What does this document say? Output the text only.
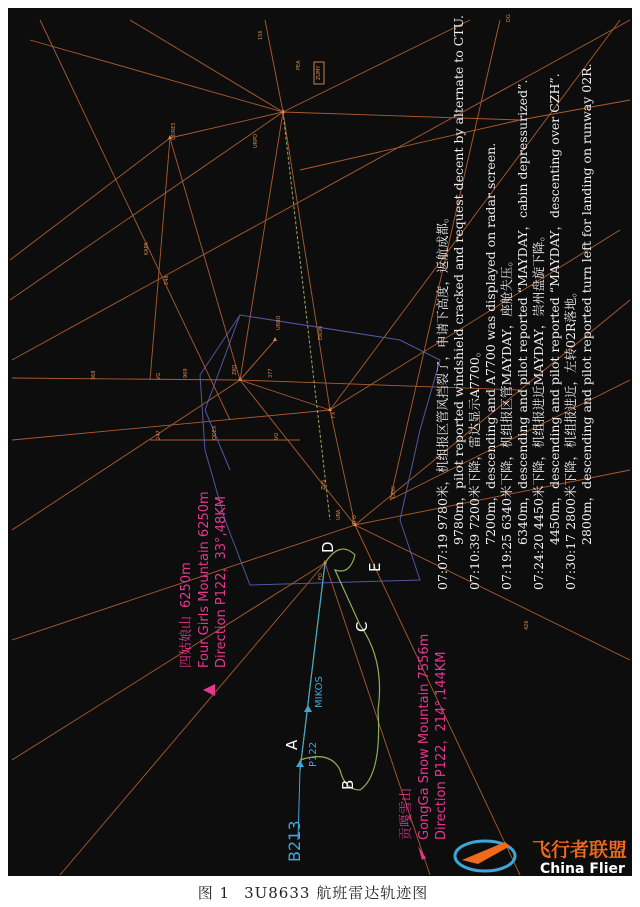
156
PEA
ZUMY
ODRES
URPO
KAPA
248
368	VG	969	ZKO	377
URBO
EKON
247	ODEX	VO
FX
ZUS
URA
TFO
DEKI
FO
426
DG
A
B
C
D
E
P122
MIKOS
B213
四姑娘山6250m Four Girls Mountain 6250m Direction P122，33°,48KM
贡嘎雪山 GongGa Snow Mountain 7556m Direction P122，214°,144KM
07:07:199780米，机组报区管风挡裂了，申请下高度，返航成都。 9780m，pilot reported windshield cracked and request decent by alternate to CTU.
07:10:397200米下降，雷达显示A7700。 7200m，descending and A7700 was displayed on radar screen.
07:19:256340米下降，机组报区管MAYDAY，座舱失压。 6340m，descending and pilot reported “MAYDAY，cabin depressurized”.
07:24:204450米下降，机组报进近MAYDAY，崇州盘旋下降。 4450m，descending and pilot reported “MAYDAY，descenting over CZH”.
07:30:172800米下降，机组报进近，左转02R落地。 2800m，descending and pilot reported turn left for landing on runway 02R.
飞行者联盟
China Flier
图 1 3U8633 航班雷达轨迹图
